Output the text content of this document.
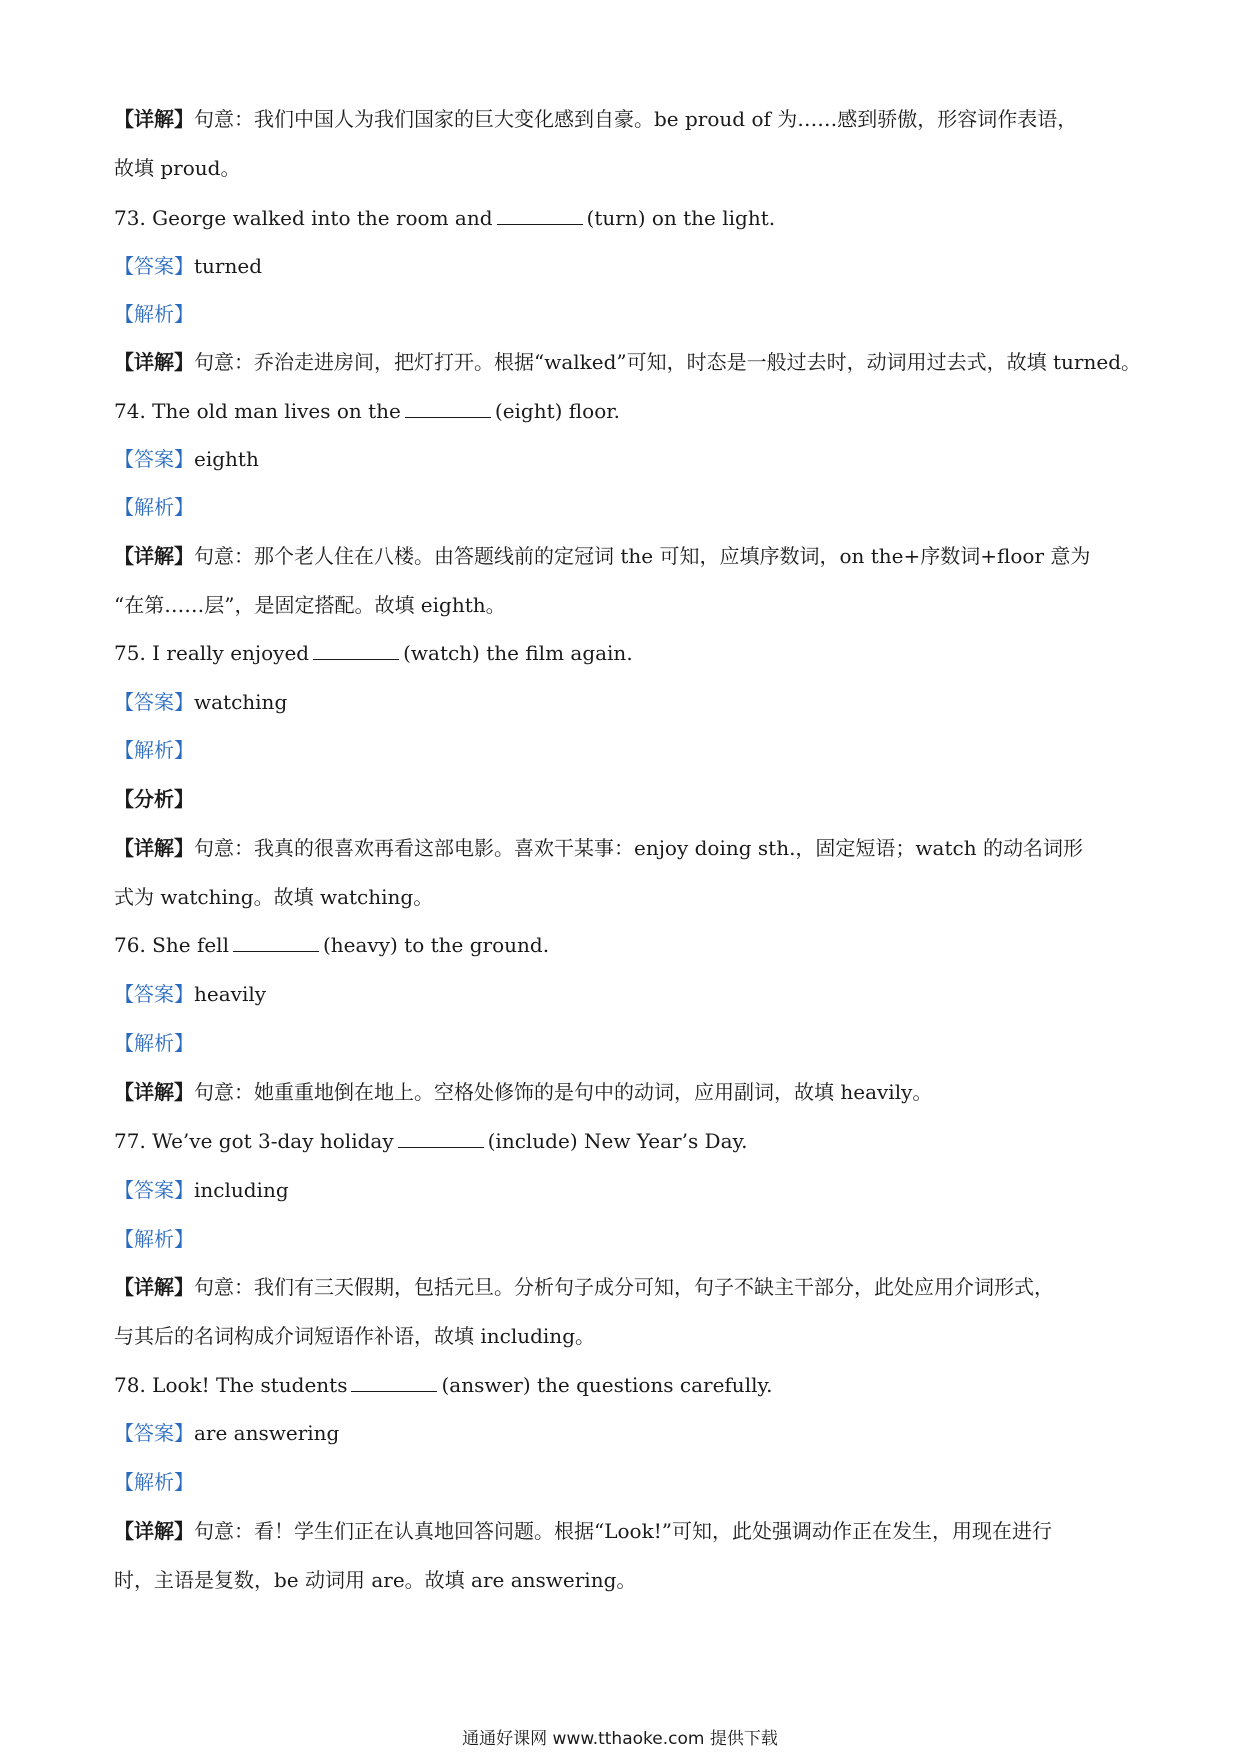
【详解】句意：我们中国人为我们国家的巨大变化感到自豪。be proud of 为……感到骄傲，形容词作表语，
故填 proud。
73. George walked into the room and	(turn) on the light.
【答案】turned
【解析】
【详解】句意：乔治走进房间，把灯打开。根据“walked”可知，时态是一般过去时，动词用过去式，故填 turned。
74. The old man lives on the	(eight) floor.
【答案】eighth
【解析】
【详解】句意：那个老人住在八楼。由答题线前的定冠词 the 可知，应填序数词，on the+序数词+floor 意为
“在第……层”，是固定搭配。故填 eighth。
75. I really enjoyed	(watch) the film again.
【答案】watching
【解析】
【分析】
【详解】句意：我真的很喜欢再看这部电影。喜欢干某事：enjoy doing sth.，固定短语；watch 的动名词形
式为 watching。故填 watching。
76. She fell	(heavy) to the ground.
【答案】heavily
【解析】
【详解】句意：她重重地倒在地上。空格处修饰的是句中的动词，应用副词，故填 heavily。
77. We’ve got 3-day holiday	(include) New Year’s Day.
【答案】including
【解析】
【详解】句意：我们有三天假期，包括元旦。分析句子成分可知，句子不缺主干部分，此处应用介词形式，
与其后的名词构成介词短语作补语，故填 including。
78. Look! The students	(answer) the questions carefully.
【答案】are answering
【解析】
【详解】句意：看！学生们正在认真地回答问题。根据“Look!”可知，此处强调动作正在发生，用现在进行
时，主语是复数，be 动词用 are。故填 are answering。
通通好课网 www.tthaoke.com 提供下载
